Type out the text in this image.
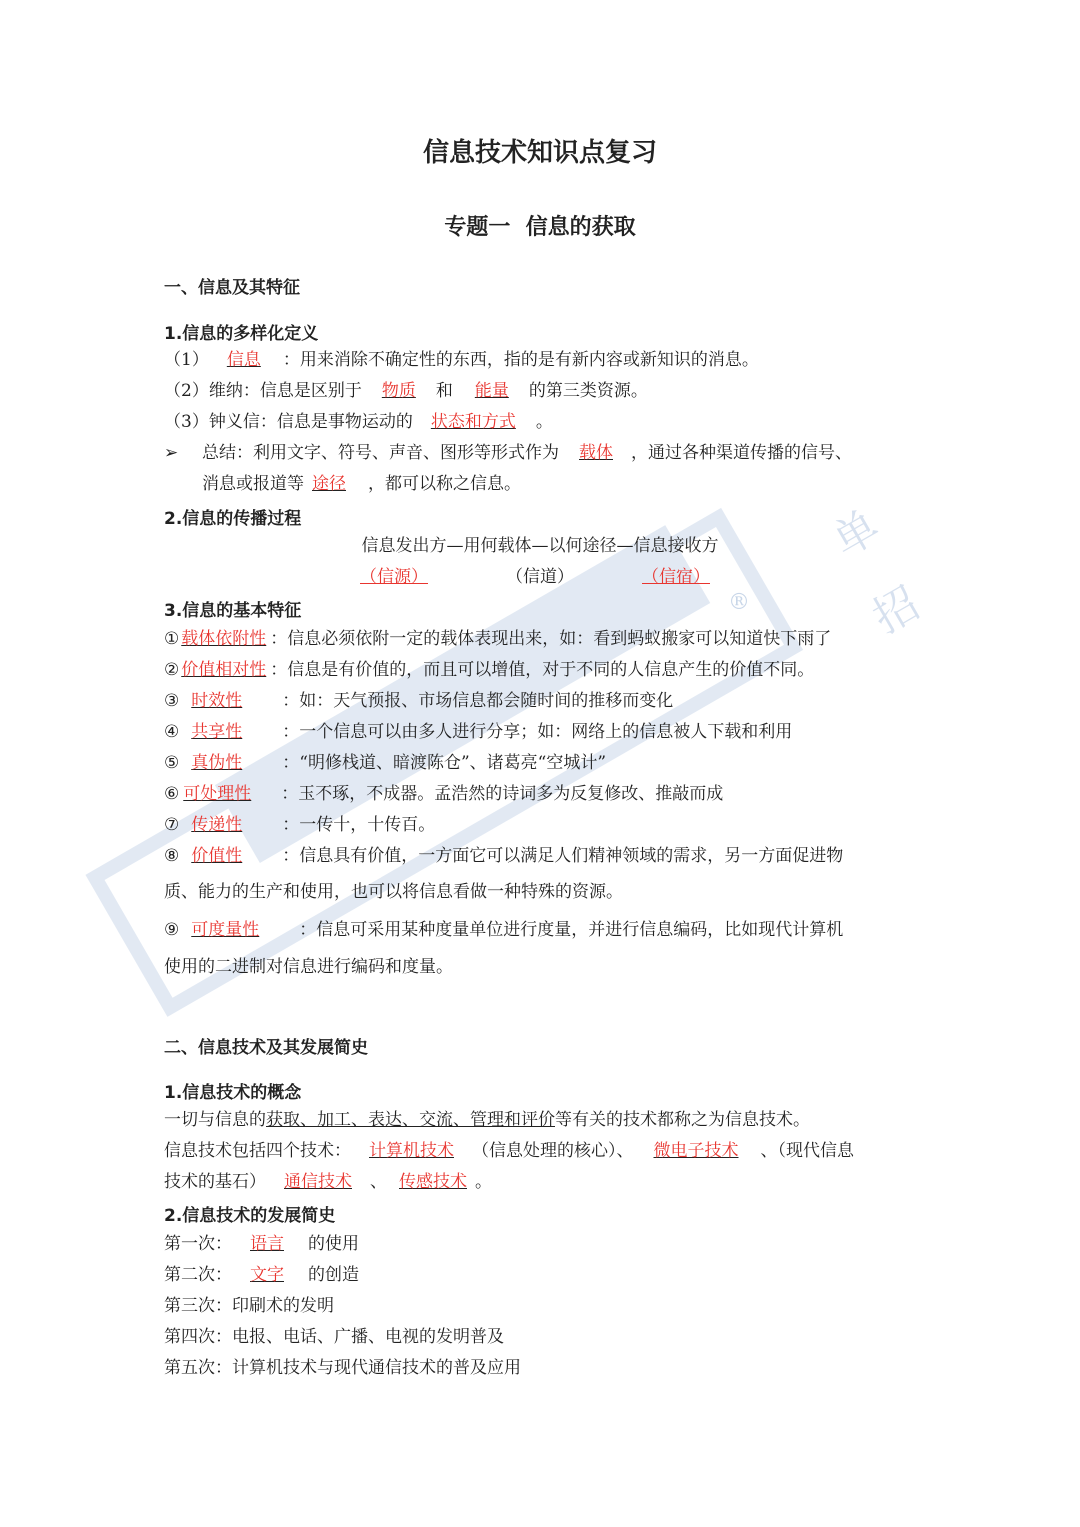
单
招
®
信息技术知识点复习
专题一  信息的获取
一、信息及其特征
1.信息的多样化定义
（1） 信息 ：用来消除不确定性的东西，指的是有新内容或新知识的消息。
（2）维纳：信息是区别于 物质 和 能量 的第三类资源。
（3）钟义信：信息是事物运动的 状态和方式 。
➢ 总结：利用文字、符号、声音、图形等形式作为 载体 ，通过各种渠道传播的信号、
消息或报道等 途径 ，都可以称之信息。
2.信息的传播过程
信息发出方—用何载体—以何途径—信息接收方
（信源）	（信道）	（信宿）
3.信息的基本特征
① 载体依附性 ：信息必须依附一定的载体表现出来，如：看到蚂蚁搬家可以知道快下雨了
② 价值相对性 ：信息是有价值的，而且可以增值，对于不同的人信息产生的价值不同。
③ 时效性 ：如：天气预报、市场信息都会随时间的推移而变化
④ 共享性 ：一个信息可以由多人进行分享；如：网络上的信息被人下载和利用
⑤ 真伪性 ：“明修栈道、暗渡陈仓”、诸葛亮“空城计”
⑥ 可处理性 ：玉不琢，不成器。孟浩然的诗词多为反复修改、推敲而成
⑦ 传递性 ：一传十，十传百。
⑧ 价值性 ：信息具有价值，一方面它可以满足人们精神领域的需求，另一方面促进物
质、能力的生产和使用，也可以将信息看做一种特殊的资源。
⑨ 可度量性 ：信息可采用某种度量单位进行度量，并进行信息编码，比如现代计算机
使用的二进制对信息进行编码和度量。
二、信息技术及其发展简史
1.信息技术的概念
一切与信息的获取、加工、表达、交流、管理和评价等有关的技术都称之为信息技术。
信息技术包括四个技术： 计算机技术 （信息处理的核心）、 微电子技术 、（现代信息
技术的基石） 通信技术 、 传感技术 。
2.信息技术的发展简史
第一次： 语言 的使用
第二次： 文字 的创造
第三次：印刷术的发明
第四次：电报、电话、广播、电视的发明普及
第五次：计算机技术与现代通信技术的普及应用
